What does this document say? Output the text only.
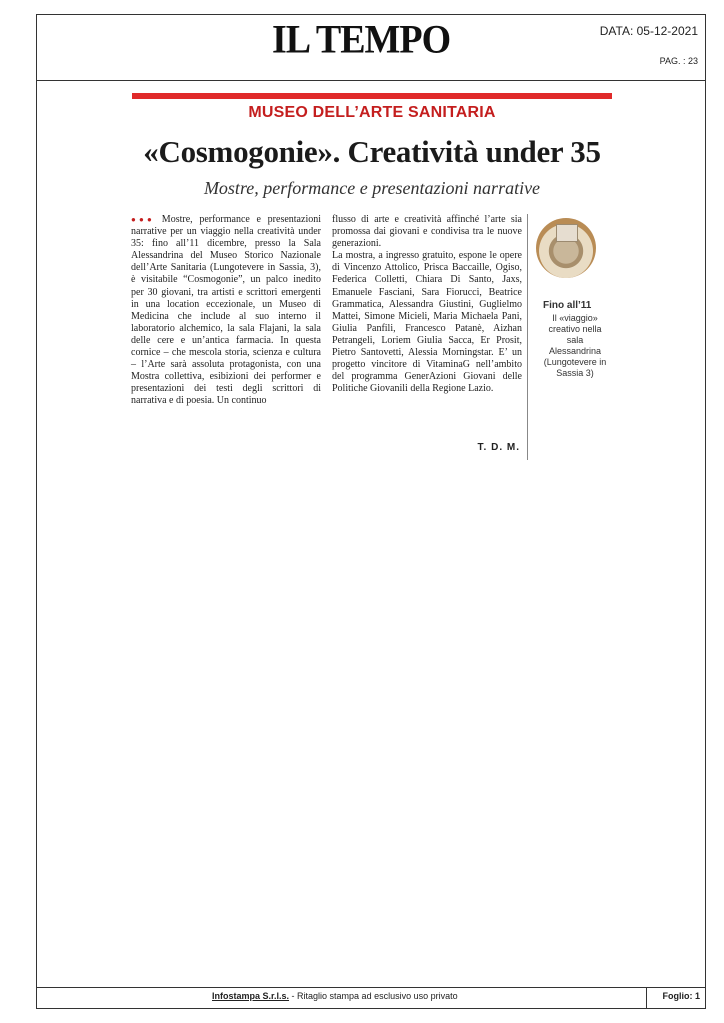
IL TEMPO	DATA: 05-12-2021
PAG. : 23
MUSEO DELL’ARTE SANITARIA
«Cosmogonie». Creatività under 35
Mostre, performance e presentazioni narrative

●●● Mostre, performance e presentazioni narrative per un viaggio nella creatività under 35: fino all’11 dicembre, presso la Sala Alessandrina del Museo Storico Nazionale dell’Arte Sanitaria (Lungotevere in Sassia, 3), è visitabile “Cosmogonie”, un palco inedito per 30 giovani, tra artisti e scrittori emergenti in una location eccezionale, un Museo di Medicina che include al suo interno il laboratorio alchemico, la sala Flajani, la sala delle cere e un’antica farmacia. In questa cornice – che mescola storia, scienza e cultura – l’Arte sarà assoluta protagonista, con una Mostra collettiva, esibizioni dei performer e presentazioni dei testi degli scrittori di narrativa e di poesia. Un continuo

flusso di arte e creatività affinché l’arte sia promossa dai giovani e condivisa tra le nuove generazioni.

La mostra, a ingresso gratuito, espone le opere di Vincenzo Attolico, Prisca Baccaille, Ogiso, Federica Colletti, Chiara Di Santo, Jaxs, Emanuele Fasciani, Sara Fiorucci, Beatrice Grammatica, Alessandra Giustini, Guglielmo Mattei, Simone Micieli, Maria Michaela Pani, Giulia Panfili, Francesco Patanè, Aizhan Petrangeli, Loriem Giulia Sacca, Er Prosit, Pietro Santovetti, Alessia Morningstar. E’ un progetto vincitore di VitaminaG nell’ambito del programma GenerAzioni Giovani delle Politiche Giovanili della Regione Lazio.

T. D. M.
Fino all’11
Il «viaggio» creativo nella sala Alessandrina (Lungotevere in Sassia 3)
Infostampa S.r.l.s. - Ritaglio stampa ad esclusivo uso privato	Foglio: 1
